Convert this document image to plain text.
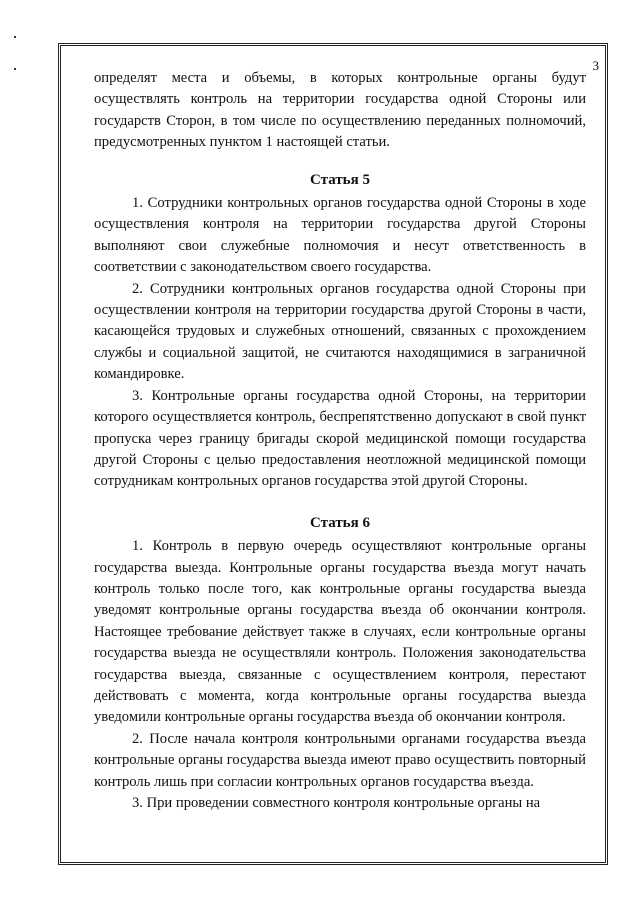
3

определят места и объемы, в которых контрольные органы будут осуществлять контроль на территории государства одной Стороны или государств Сторон, в том числе по осуществлению переданных полномочий, предусмотренных пунктом 1 настоящей статьи.

Статья 5

1. Сотрудники контрольных органов государства одной Стороны в ходе осуществления контроля на территории государства другой Стороны выполняют свои служебные полномочия и несут ответственность в соответствии с законодательством своего государства.

2. Сотрудники контрольных органов государства одной Стороны при осуществлении контроля на территории государства другой Стороны в части, касающейся трудовых и служебных отношений, связанных с прохождением службы и социальной защитой, не считаются находящимися в заграничной командировке.

3. Контрольные органы государства одной Стороны, на территории которого осуществляется контроль, беспрепятственно допускают в свой пункт пропуска через границу бригады скорой медицинской помощи государства другой Стороны с целью предоставления неотложной медицинской помощи сотрудникам контрольных органов государства этой другой Стороны.

Статья 6

1. Контроль в первую очередь осуществляют контрольные органы государства выезда. Контрольные органы государства въезда могут начать контроль только после того, как контрольные органы государства выезда уведомят контрольные органы государства въезда об окончании контроля. Настоящее требование действует также в случаях, если контрольные органы государства выезда не осуществляли контроль. Положения законодательства государства выезда, связанные с осуществлением контроля, перестают действовать с момента, когда контрольные органы государства выезда уведомили контрольные органы государства въезда об окончании контроля.

2. После начала контроля контрольными органами государства въезда контрольные органы государства выезда имеют право осуществить повторный контроль лишь при согласии контрольных органов государства въезда.

3. При проведении совместного контроля контрольные органы на
